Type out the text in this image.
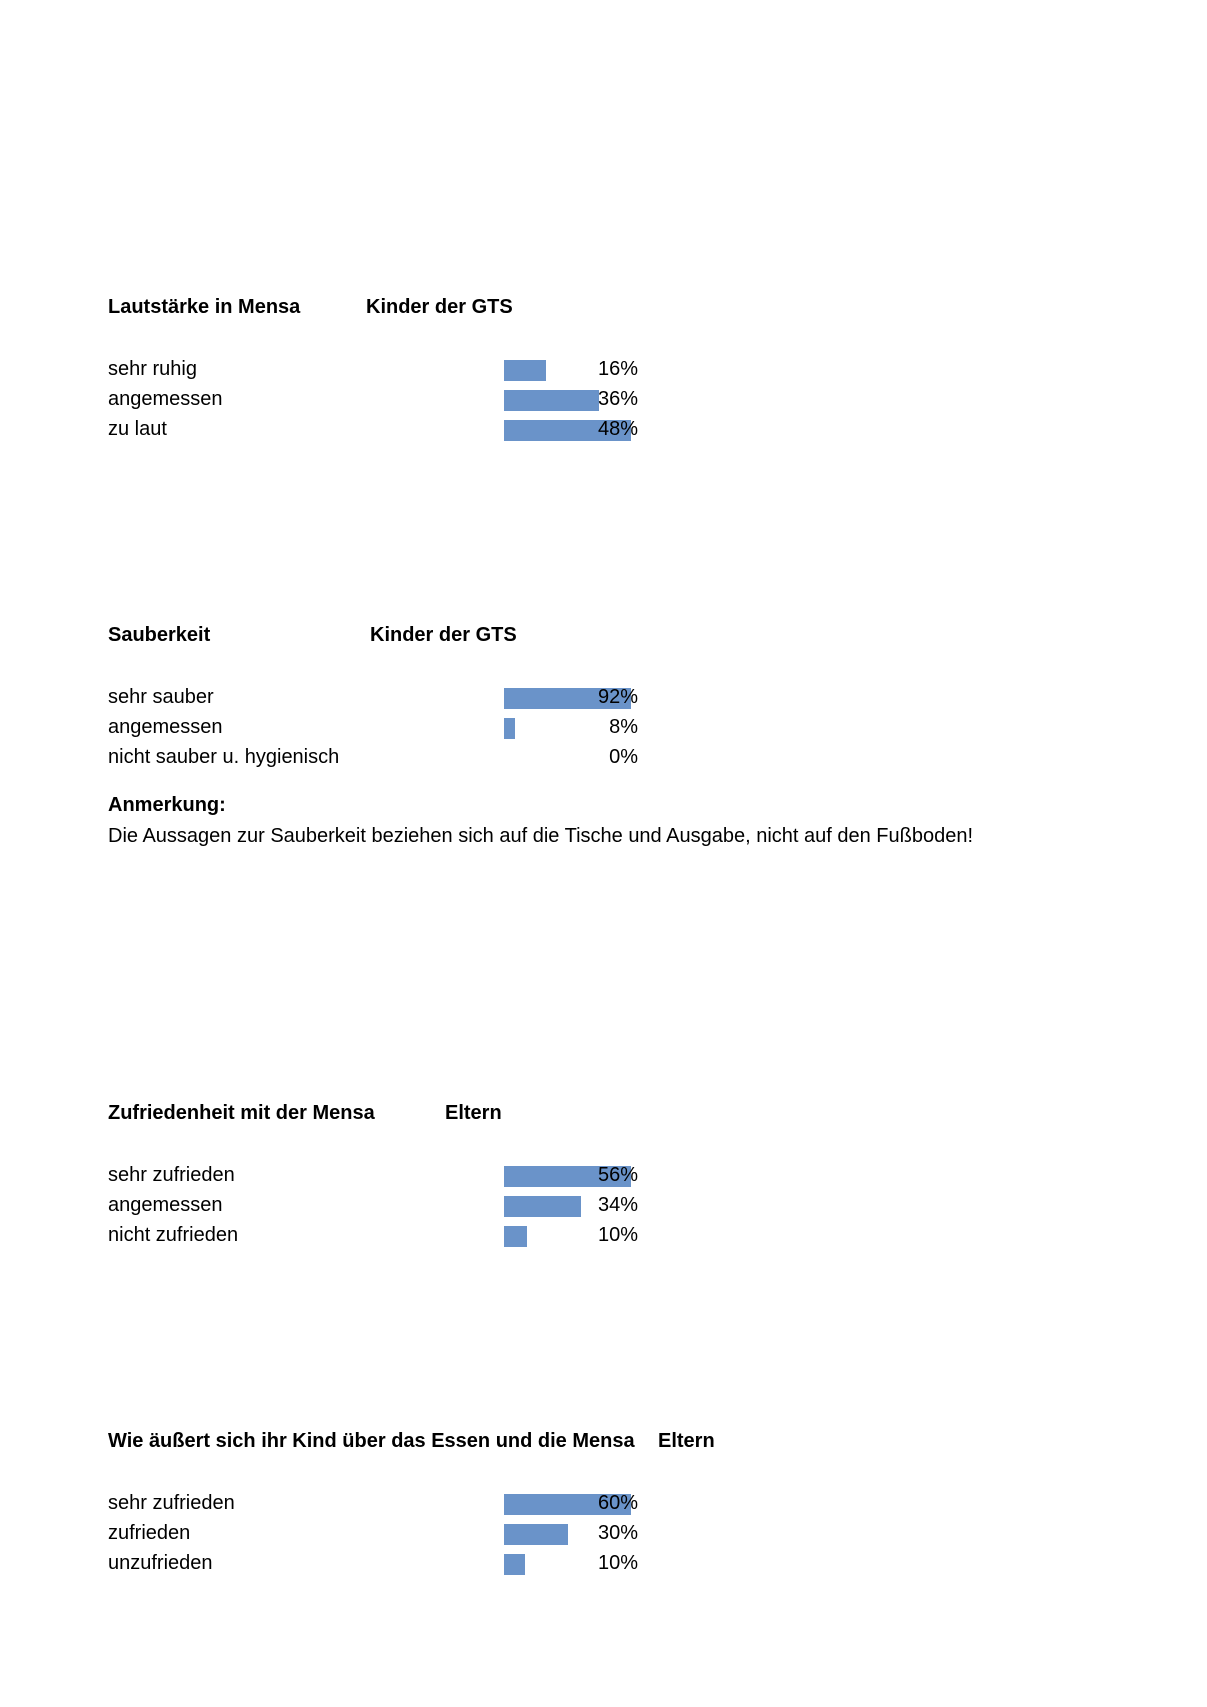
Lautstärke in Mensa	Kinder der GTS
sehr ruhig	16%
angemessen	36%
zu laut	48%
Sauberkeit	Kinder der GTS
sehr sauber	92%
angemessen	8%
nicht sauber u. hygienisch	0%
Anmerkung:
Die Aussagen zur Sauberkeit beziehen sich auf die Tische und Ausgabe, nicht auf den Fußboden!
Zufriedenheit mit der Mensa	Eltern
sehr zufrieden	56%
angemessen	34%
nicht zufrieden	10%
Wie äußert sich ihr Kind über das Essen und die Mensa Eltern
sehr zufrieden	60%
zufrieden	30%
unzufrieden	10%
